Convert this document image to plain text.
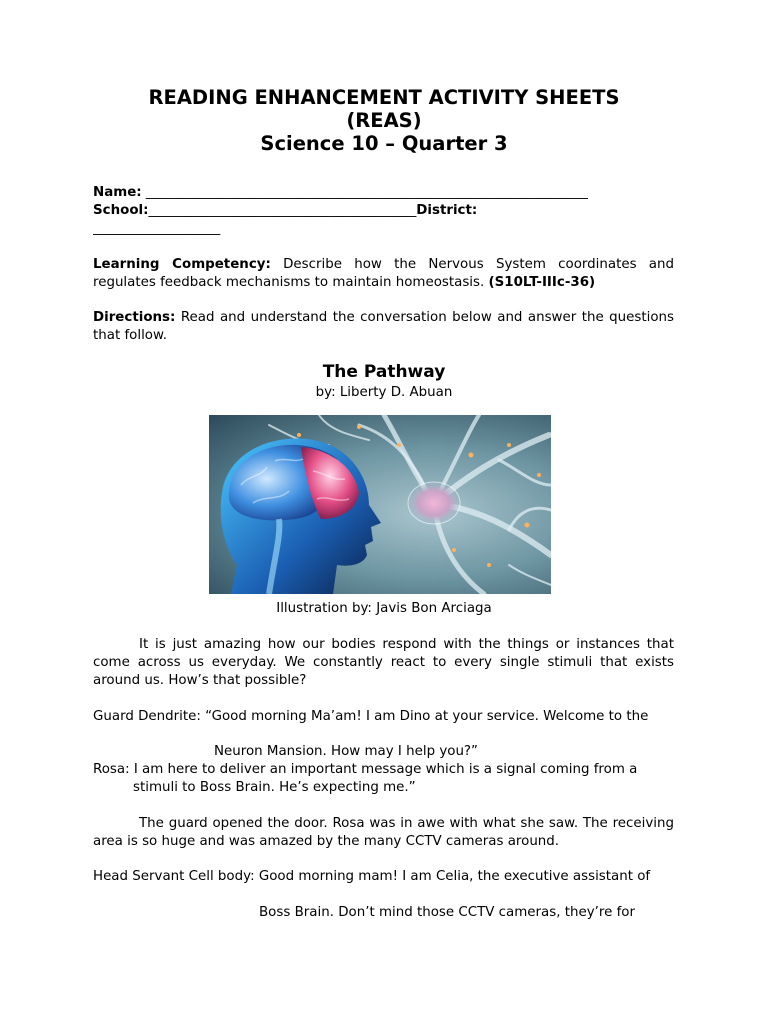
READING ENHANCEMENT ACTIVITY SHEETS
(REAS)
Science 10 – Quarter 3
Name: __________________________________________________________________
School:________________________________________District:
___________________
Learning Competency: Describe how the Nervous System coordinates and regulates feedback mechanisms to maintain homeostasis. (S10LT-IIIc-36)
Directions: Read and understand the conversation below and answer the questions that follow.
The Pathway
by: Liberty D. Abuan
Illustration by: Javis Bon Arciaga
It is just amazing how our bodies respond with the things or instances that come across us everyday. We constantly react to every single stimuli that exists around us. How’s that possible?
Guard Dendrite: “Good morning Ma’am! I am Dino at your service. Welcome to the
Neuron Mansion. How may I help you?”
Rosa: I am here to deliver an important message which is a signal coming from a
stimuli to Boss Brain. He’s expecting me.”
The guard opened the door. Rosa was in awe with what she saw. The receiving area is so huge and was amazed by the many CCTV cameras around.
Head Servant Cell body: Good morning mam! I am Celia, the executive assistant of
Boss Brain. Don’t mind those CCTV cameras, they’re for
